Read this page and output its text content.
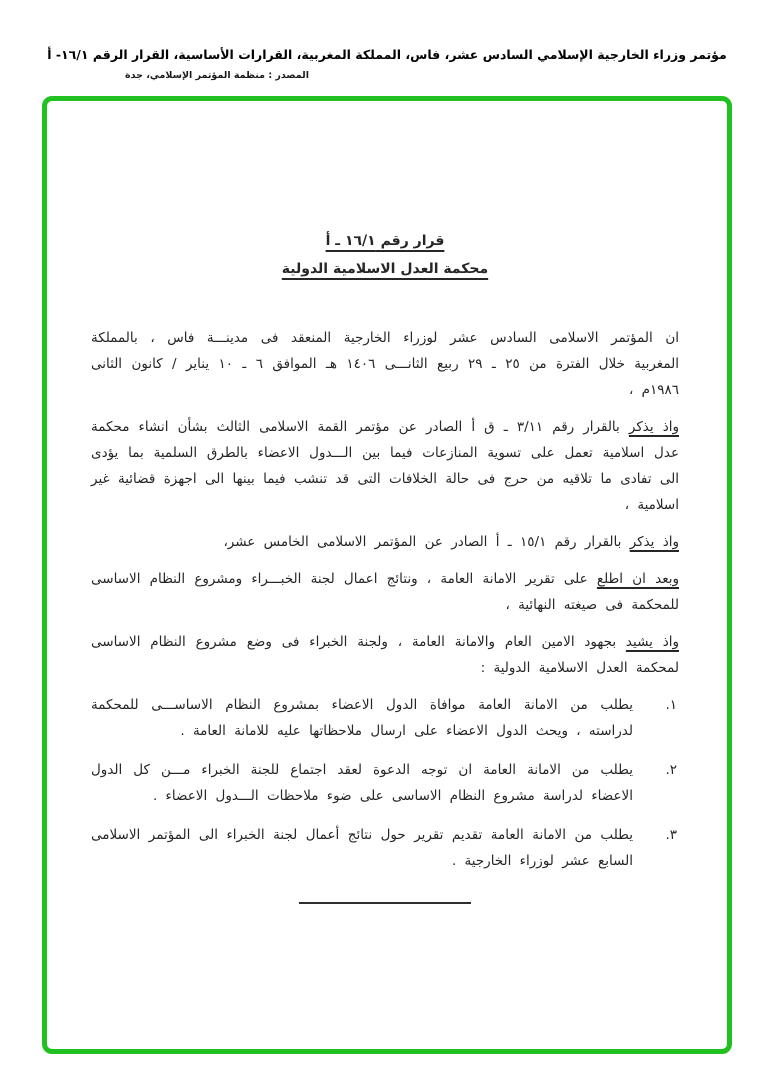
مؤتمر وزراء الخارجية الإسلامي السادس عشر، فاس، المملكة المغربية، القرارات الأساسية، القرار الرقم ١٦/١- أ
المصدر : منظمة المؤتمر الإسلامي، جدة
قرار رقم ١٦/١ ـ أ
محكمة العدل الاسلامية الدولية

ان المؤتمر الاسلامى السادس عشر لوزراء الخارجية المنعقد فى مدينـــة فاس ، بالمملكة المغربية خلال الفترة من ٢٥ ـ ٢٩ ربيع الثانـــى ١٤٠٦ هـ الموافق ٦ ـ ١٠ يناير / كانون الثانى ١٩٨٦م ،

واذ يذكر بالقرار رقم ٣/١١ ـ ق أ الصادر عن مؤتمر القمة الاسلامى الثالث بشأن انشاء محكمة عدل اسلامية تعمل على تسوية المنازعات فيما بين الـــدول الاعضاء بالطرق السلمية بما يؤدى الى تفادى ما تلاقيه من حرج فى حالة الخلافات التى قد تنشب فيما بينها الى اجهزة قضائية غير اسلامية ،

واذ يذكر بالقرار رقم ١٥/١ ـ أ الصادر عن المؤتمر الاسلامى الخامس عشر،

وبعد ان اطلع على تقرير الامانة العامة ، ونتائج اعمال لجنة الخبـــراء ومشروع النظام الاساسى للمحكمة فى صيغته النهائية ،

واذ يشيد بجهود الامين العام والامانة العامة ، ولجنة الخبراء فى وضع مشروع النظام الاساسى لمحكمة العدل الاسلامية الدولية :

١.
يطلب من الامانة العامة موافاة الدول الاعضاء بمشروع النظام الاساســـى للمحكمة لدراسته ، ويحث الدول الاعضاء على ارسال ملاحظاتها عليه للامانة العامة .
٢.
يطلب من الامانة العامة ان توجه الدعوة لعقد اجتماع للجنة الخبراء مـــن كل الدول الاعضاء لدراسة مشروع النظام الاساسى على ضوء ملاحظات الـــدول الاعضاء .
٣.
يطلب من الامانة العامة تقديم تقرير حول نتائج أعمال لجنة الخبراء الى المؤتمر الاسلامى السابع عشر لوزراء الخارجية .
